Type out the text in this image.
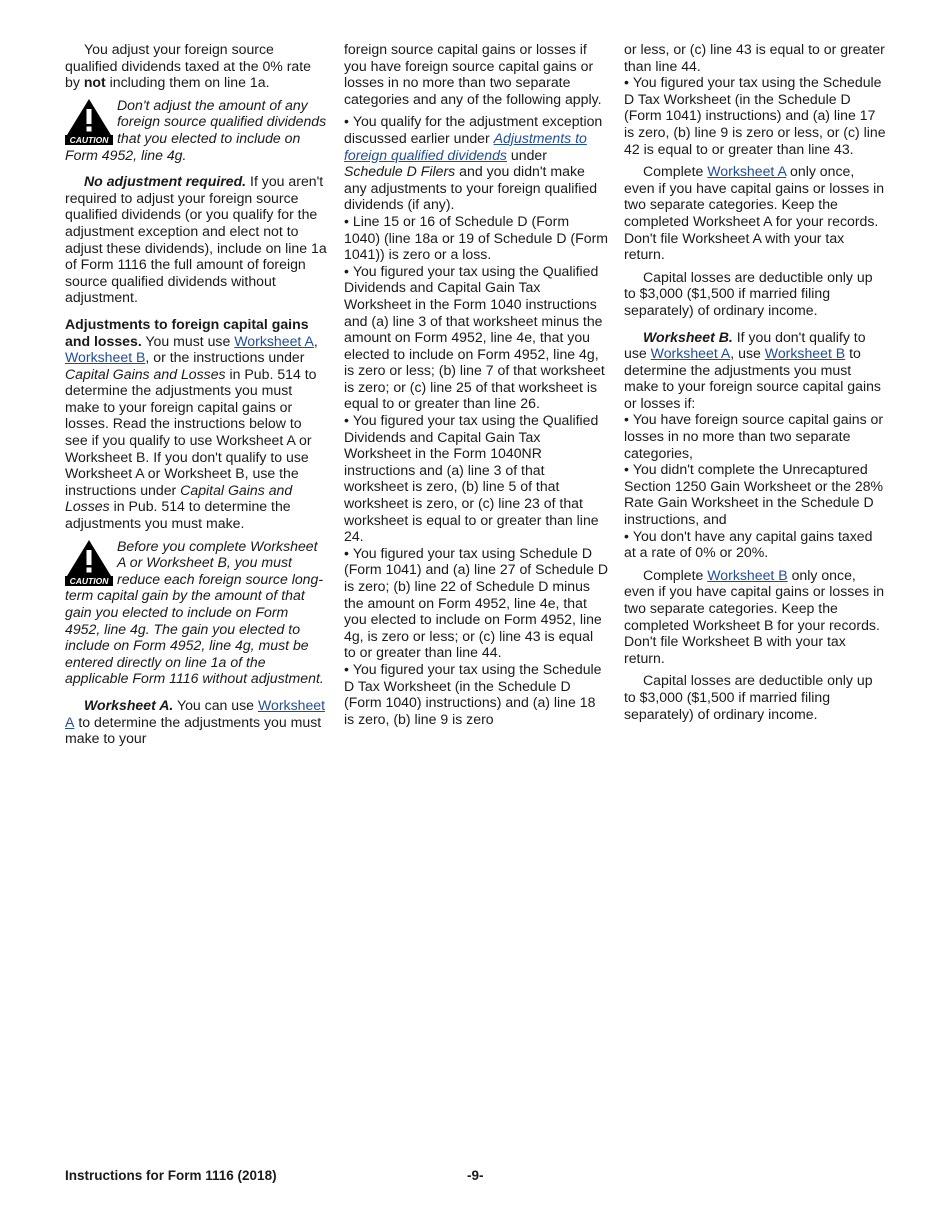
You adjust your foreign source qualified dividends taxed at the 0% rate by not including them on line 1a.

CAUTION
Don't adjust the amount of any foreign source qualified dividends that you elected to include on Form 4952, line 4g.

No adjustment required. If you aren't required to adjust your foreign source qualified dividends (or you qualify for the adjustment exception and elect not to adjust these dividends), include on line 1a of Form 1116 the full amount of foreign source qualified dividends without adjustment.

Adjustments to foreign capital gains and losses. You must use Worksheet A, Worksheet B, or the instructions under Capital Gains and Losses in Pub. 514 to determine the adjustments you must make to your foreign capital gains or losses. Read the instructions below to see if you qualify to use Worksheet A or Worksheet B. If you don't qualify to use Worksheet A or Worksheet B, use the instructions under Capital Gains and Losses in Pub. 514 to determine the adjustments you must make.

CAUTION
Before you complete Worksheet A or Worksheet B, you must reduce each foreign source long-term capital gain by the amount of that gain you elected to include on Form 4952, line 4g. The gain you elected to include on Form 4952, line 4g, must be entered directly on line 1a of the applicable Form 1116 without adjustment.

Worksheet A. You can use Worksheet A to determine the adjustments you must make to your

foreign source capital gains or losses if you have foreign source capital gains or losses in no more than two separate categories and any of the following apply.

• You qualify for the adjustment exception discussed earlier under Adjustments to foreign qualified dividends under Schedule D Filers and you didn't make any adjustments to your foreign qualified dividends (if any).

• Line 15 or 16 of Schedule D (Form 1040) (line 18a or 19 of Schedule D (Form 1041)) is zero or a loss.

• You figured your tax using the Qualified Dividends and Capital Gain Tax Worksheet in the Form 1040 instructions and (a) line 3 of that worksheet minus the amount on Form 4952, line 4e, that you elected to include on Form 4952, line 4g, is zero or less; (b) line 7 of that worksheet is zero; or (c) line 25 of that worksheet is equal to or greater than line 26.

• You figured your tax using the Qualified Dividends and Capital Gain Tax Worksheet in the Form 1040NR instructions and (a) line 3 of that worksheet is zero, (b) line 5 of that worksheet is zero, or (c) line 23 of that worksheet is equal to or greater than line 24.

• You figured your tax using Schedule D (Form 1041) and (a) line 27 of Schedule D is zero; (b) line 22 of Schedule D minus the amount on Form 4952, line 4e, that you elected to include on Form 4952, line 4g, is zero or less; or (c) line 43 is equal to or greater than line 44.

• You figured your tax using the Schedule D Tax Worksheet (in the Schedule D (Form 1040) instructions) and (a) line 18 is zero, (b) line 9 is zero

or less, or (c) line 43 is equal to or greater than line 44.

• You figured your tax using the Schedule D Tax Worksheet (in the Schedule D (Form 1041) instructions) and (a) line 17 is zero, (b) line 9 is zero or less, or (c) line 42 is equal to or greater than line 43.

Complete Worksheet A only once, even if you have capital gains or losses in two separate categories. Keep the completed Worksheet A for your records. Don't file Worksheet A with your tax return.

Capital losses are deductible only up to $3,000 ($1,500 if married filing separately) of ordinary income.

Worksheet B. If you don't qualify to use Worksheet A, use Worksheet B to determine the adjustments you must make to your foreign source capital gains or losses if:

• You have foreign source capital gains or losses in no more than two separate categories,

• You didn't complete the Unrecaptured Section 1250 Gain Worksheet or the 28% Rate Gain Worksheet in the Schedule D instructions, and

• You don't have any capital gains taxed at a rate of 0% or 20%.

Complete Worksheet B only once, even if you have capital gains or losses in two separate categories. Keep the completed Worksheet B for your records. Don't file Worksheet B with your tax return.

Capital losses are deductible only up to $3,000 ($1,500 if married filing separately) of ordinary income.

Instructions for Form 1116 (2018)	-9-
